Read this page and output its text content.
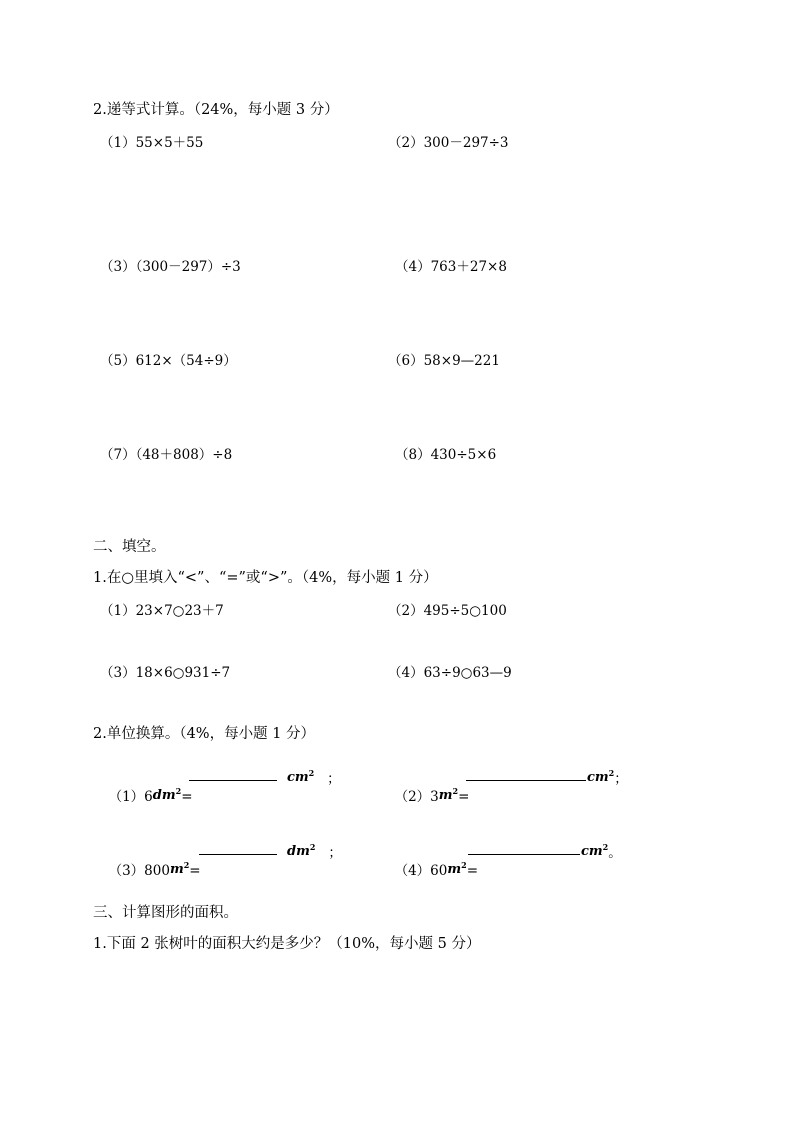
2.递等式计算。（24%，每小题 3 分）
（1）55×5＋55	（2）300－297÷3
（3）（300－297）÷3	（4）763＋27×8
（5）612×（54÷9）	（6）58×9—221
（7）（48＋808）÷8	（8）430÷5×6
二、填空。
1.在○里填入“<”、“=”或“>”。（4%，每小题 1 分）
（1）23×7○23＋7	（2）495÷5○100
（3）18×6○931÷7	（4）63÷9○63—9
2.单位换算。（4%，每小题 1 分）

$(1)6dm^2=$

$cm^2$ ；

$(2)3m^2=$

$cm^2$；

$(3)800m^2=$

$dm^2$ ；

$(4)60m^2=$

$cm^2$。
三、计算图形的面积。
1.下面 2 张树叶的面积大约是多少？（10%，每小题 5 分）
